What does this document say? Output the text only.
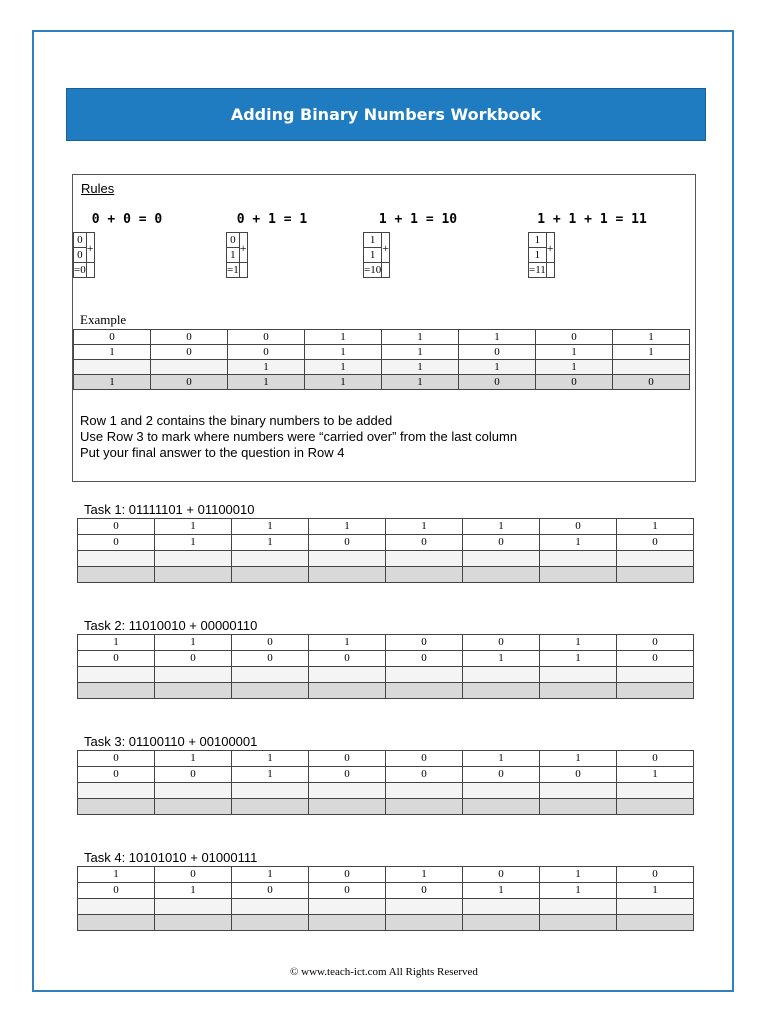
Adding Binary Numbers Workbook
Rules
0 + 0 = 0
0	+
0	
=0	
0 + 1 = 1
0	+
1	
=1	
1 + 1 = 10
1	+
1	
=10	
1 + 1 + 1 = 11
1	+
1	
=11	
Example
0	0	0	1	1	1	0	1
1	0	0	1	1	0	1	1
		1	1	1	1	1	
1	0	1	1	1	0	0	0
Row 1 and 2 contains the binary numbers to be added
Use Row 3 to mark where numbers were “carried over” from the last column
Put your final answer to the question in Row 4
Task 1: 01111101 + 01100010
0	1	1	1	1	1	0	1
0	1	1	0	0	0	1	0

Task 2: 11010010 + 00000110
1	1	0	1	0	0	1	0
0	0	0	0	0	1	1	0

Task 3: 01100110 + 00100001
0	1	1	0	0	1	1	0
0	0	1	0	0	0	0	1

Task 4: 10101010 + 01000111
1	0	1	0	1	0	1	0
0	1	0	0	0	1	1	1

© www.teach-ict.com All Rights Reserved
